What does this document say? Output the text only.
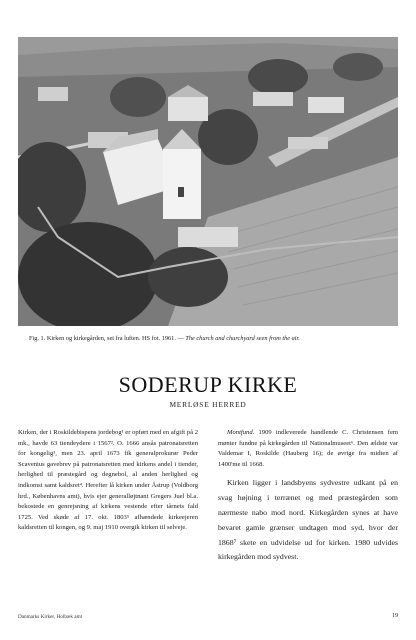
Fig. 1. Kirken og kirkegården, set fra luften. HS fot. 1961. — The church and churchyard seen from the air.
SODERUP KIRKE
MERLØSE HERRED

Kirken, der i Roskildebispens jordebog¹ er opført med en afgift på 2 mk., havde 63 tiendeydere i 1567². O. 1666 ansås patronatsretten for kongelig³, men 23. april 1673 fik generalprokurør Peder Scavenius gavebrev på patronatsretten med kirkens andel i tiender, herlighed til præstegård og degnebol, al anden herlighed og indkomst samt kaldsret⁴. Herefter lå kirken under Åstrup (Voldborg hrd., Københavns amt), hvis ejer generalløjtnant Gregers Juel bl.a. bekostede en genrejsning af kirkens vestende efter tårnets fald 1725. Ved skøde af 17. okt. 1803⁵ afhændede kirkeejeren kaldsretten til kongen, og 9. maj 1910 overgik kirken til selveje.

Montfund. 1909 indleverede handlende C. Christensen fem mønter fundne på kirkegården til Nationalmuseet⁶. Den ældste var Valdemar I, Roskilde (Hauberg 16); de øvrige fra midten af 1400'me til 1668.

Kirken ligger i landsbyens sydvestre udkant på en svag højning i terrænet og med præstegården som nærmeste nabo mod nord. Kirkegården synes at have bevaret gamle grænser undtagen mod syd, hvor der 1868⁷ skete en udvidelse ud for kirken. 1980 udvides kirkegården mod sydvest.

Danmarks Kirker, Holbæk amt	19
